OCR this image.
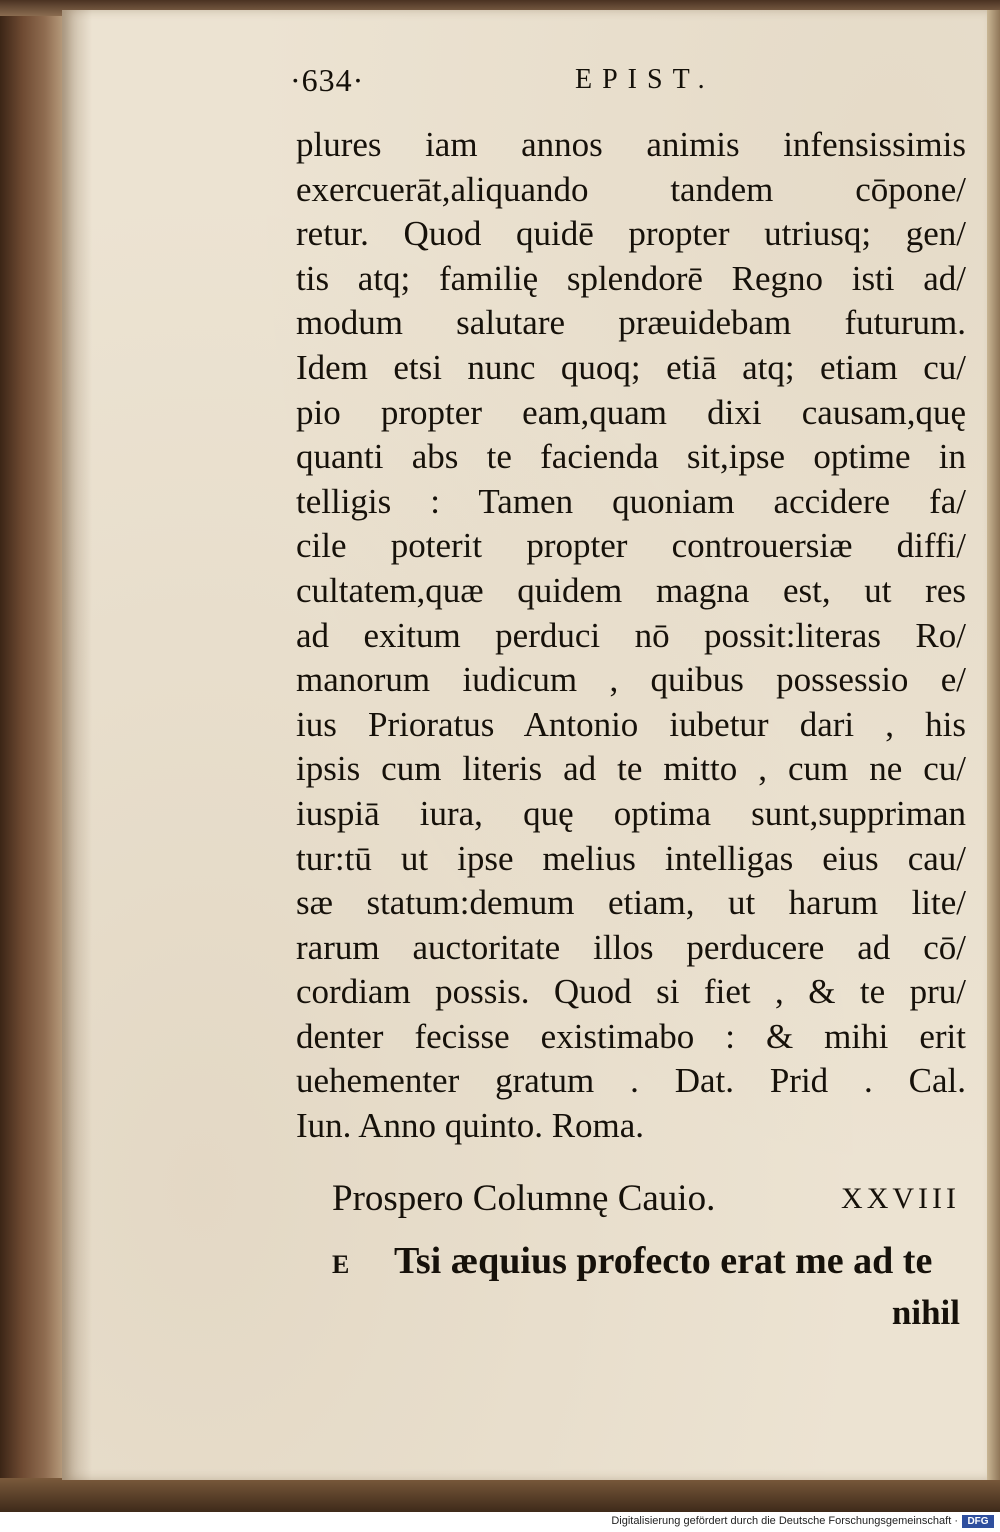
·634·	EPIST.
plures iam annos animis infensissimis
exercuerāt,aliquando tandem cōpone/
retur. Quod quidē propter utriusq; gen/
tis atq; familię splendorē Regno isti ad/
modum salutare præuidebam futurum.
Idem etsi nunc quoq; etiā atq; etiam cu/
pio propter eam,quam dixi causam,quę
quanti abs te facienda sit,ipse optime in
telligis : Tamen quoniam accidere fa/
cile poterit propter controuersiæ diffi/
cultatem,quæ quidem magna est, ut res
ad exitum perduci nō possit:literas Ro/
manorum iudicum , quibus possessio e/
ius Prioratus Antonio iubetur dari , his
ipsis cum literis ad te mitto , cum ne cu/
iuspiā iura, quę optima sunt,suppriman
tur:tū ut ipse melius intelligas eius cau/
sæ statum:demum etiam, ut harum lite/
rarum auctoritate illos perducere ad cō/
cordiam possis. Quod si fiet , & te pru/
denter fecisse existimabo : & mihi erit
uehementer gratum . Dat. Prid . Cal.
Iun. Anno quinto. Roma.
Prospero Columnę Cauio.	XXVIII
E Tsi æquius profecto erat me ad te
nihil
Digitalisierung gefördert durch die Deutsche Forschungsgemeinschaft · DFG
